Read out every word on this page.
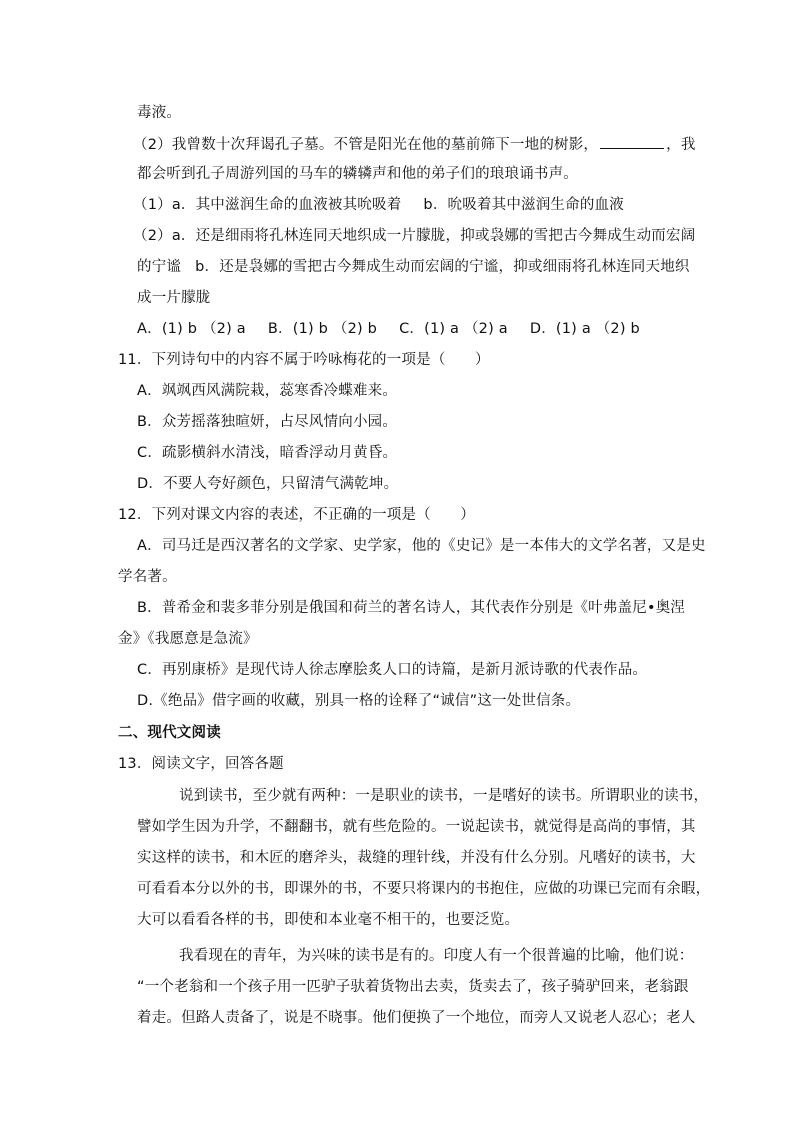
毒液。
（2）我曾数十次拜谒孔子墓。不管是阳光在他的墓前筛下一地的树影，	，我
都会听到孔子周游列国的马车的辚辚声和他的弟子们的琅琅诵书声。
（1）a．其中滋润生命的血液被其吮吸着 b．吮吸着其中滋润生命的血液
（2）a．还是细雨将孔林连同天地织成一片朦胧，抑或袅娜的雪把古今舞成生动而宏阔
的宁谧 b．还是袅娜的雪把古今舞成生动而宏阔的宁谧，抑或细雨将孔林连同天地织
成一片朦胧
A．(1) b （2) a B．(1) b （2) b C．(1) a （2) a D．(1) a （2) b
11．下列诗句中的内容不属于吟咏梅花的一项是（　　）
A．飒飒西风满院栽，蕊寒香冷蝶难来。
B．众芳摇落独暄妍，占尽风情向小园。
C．疏影横斜水清浅，暗香浮动月黄昏。
D．不要人夸好颜色，只留清气满乾坤。
12．下列对课文内容的表述，不正确的一项是（　　）
A．司马迁是西汉著名的文学家、史学家，他的《史记》是一本伟大的文学名著，又是史
学名著。
B．普希金和裴多菲分别是俄国和荷兰的著名诗人，其代表作分别是《叶弗盖尼•奥涅
金》《我愿意是急流》
C．再别康桥》是现代诗人徐志摩脍炙人口的诗篇，是新月派诗歌的代表作品。
D.《绝品》借字画的收藏，别具一格的诠释了“诚信”这一处世信条。
二、现代文阅读
13．阅读文字，回答各题
说到读书，至少就有两种：一是职业的读书，一是嗜好的读书。所谓职业的读书，
譬如学生因为升学，不翻翻书，就有些危险的。一说起读书，就觉得是高尚的事情，其
实这样的读书，和木匠的磨斧头，裁缝的理针线，并没有什么分别。凡嗜好的读书，大
可看看本分以外的书，即课外的书，不要只将课内的书抱住，应做的功课已完而有余暇，
大可以看看各样的书，即使和本业毫不相干的，也要泛览。
我看现在的青年，为兴味的读书是有的。印度人有一个很普遍的比喻，他们说：
“一个老翁和一个孩子用一匹驴子驮着货物出去卖，货卖去了，孩子骑驴回来，老翁跟
着走。但路人责备了，说是不晓事。他们便换了一个地位，而旁人又说老人忍心；老人
